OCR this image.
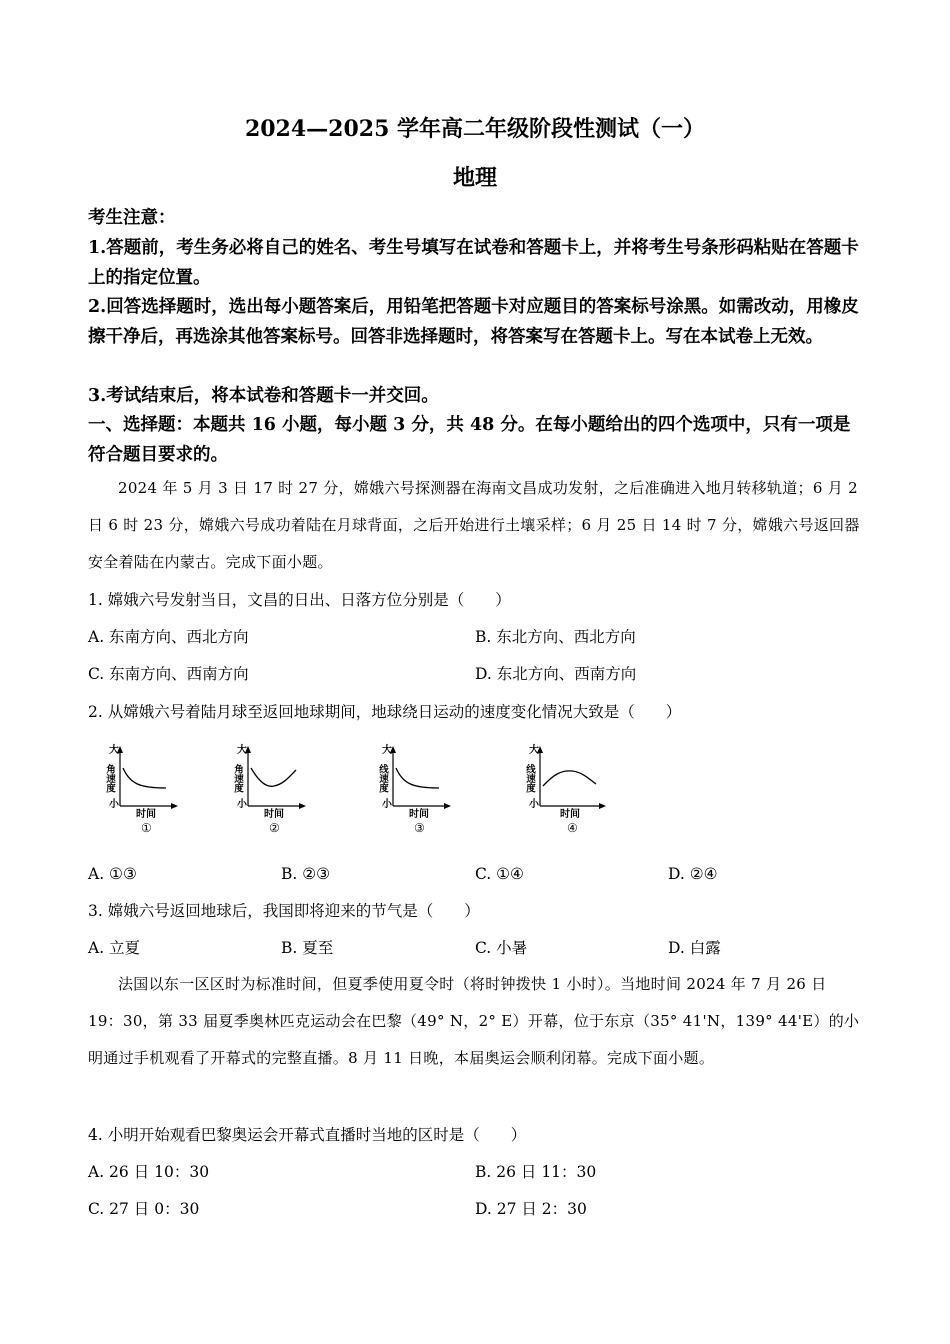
2024—2025 学年高二年级阶段性测试（一）
地理
考生注意：
1.答题前，考生务必将自己的姓名、考生号填写在试卷和答题卡上，并将考生号条形码粘贴在答题卡上的指定位置。
2.回答选择题时，选出每小题答案后，用铅笔把答题卡对应题目的答案标号涂黑。如需改动，用橡皮擦干净后，再选涂其他答案标号。回答非选择题时，将答案写在答题卡上。写在本试卷上无效。
3.考试结束后，将本试卷和答题卡一并交回。
一、选择题：本题共 16 小题，每小题 3 分，共 48 分。在每小题给出的四个选项中，只有一项是符合题目要求的。
2024 年 5 月 3 日 17 时 27 分，嫦娥六号探测器在海南文昌成功发射，之后准确进入地月转移轨道；6 月 2 日 6 时 23 分，嫦娥六号成功着陆在月球背面，之后开始进行土壤采样；6 月 25 日 14 时 7 分，嫦娥六号返回器安全着陆在内蒙古。完成下面小题。
1. 嫦娥六号发射当日，文昌的日出、日落方位分别是（　　）
A. 东南方向、西北方向	B. 东北方向、西北方向
C. 东南方向、西南方向	D. 东北方向、西南方向
2. 从嫦娥六号着陆月球至返回地球期间，地球绕日运动的速度变化情况大致是（　　）
大
角速度
小
时间
①
大
角速度
小
时间
②
大
线速度
小
时间
③
大
线速度
小
时间
④
A. ①③	B. ②③	C. ①④	D. ②④
3. 嫦娥六号返回地球后，我国即将迎来的节气是（　　）
A. 立夏	B. 夏至	C. 小暑	D. 白露
法国以东一区区时为标准时间，但夏季使用夏令时（将时钟拨快 1 小时）。当地时间 2024 年 7 月 26 日 19：30，第 33 届夏季奥林匹克运动会在巴黎（49° N，2° E）开幕，位于东京（35° 41'N，139° 44'E）的小明通过手机观看了开幕式的完整直播。8 月 11 日晚，本届奥运会顺利闭幕。完成下面小题。
4. 小明开始观看巴黎奥运会开幕式直播时当地的区时是（　　）
A. 26 日 10：30	B. 26 日 11：30
C. 27 日 0：30	D. 27 日 2：30
